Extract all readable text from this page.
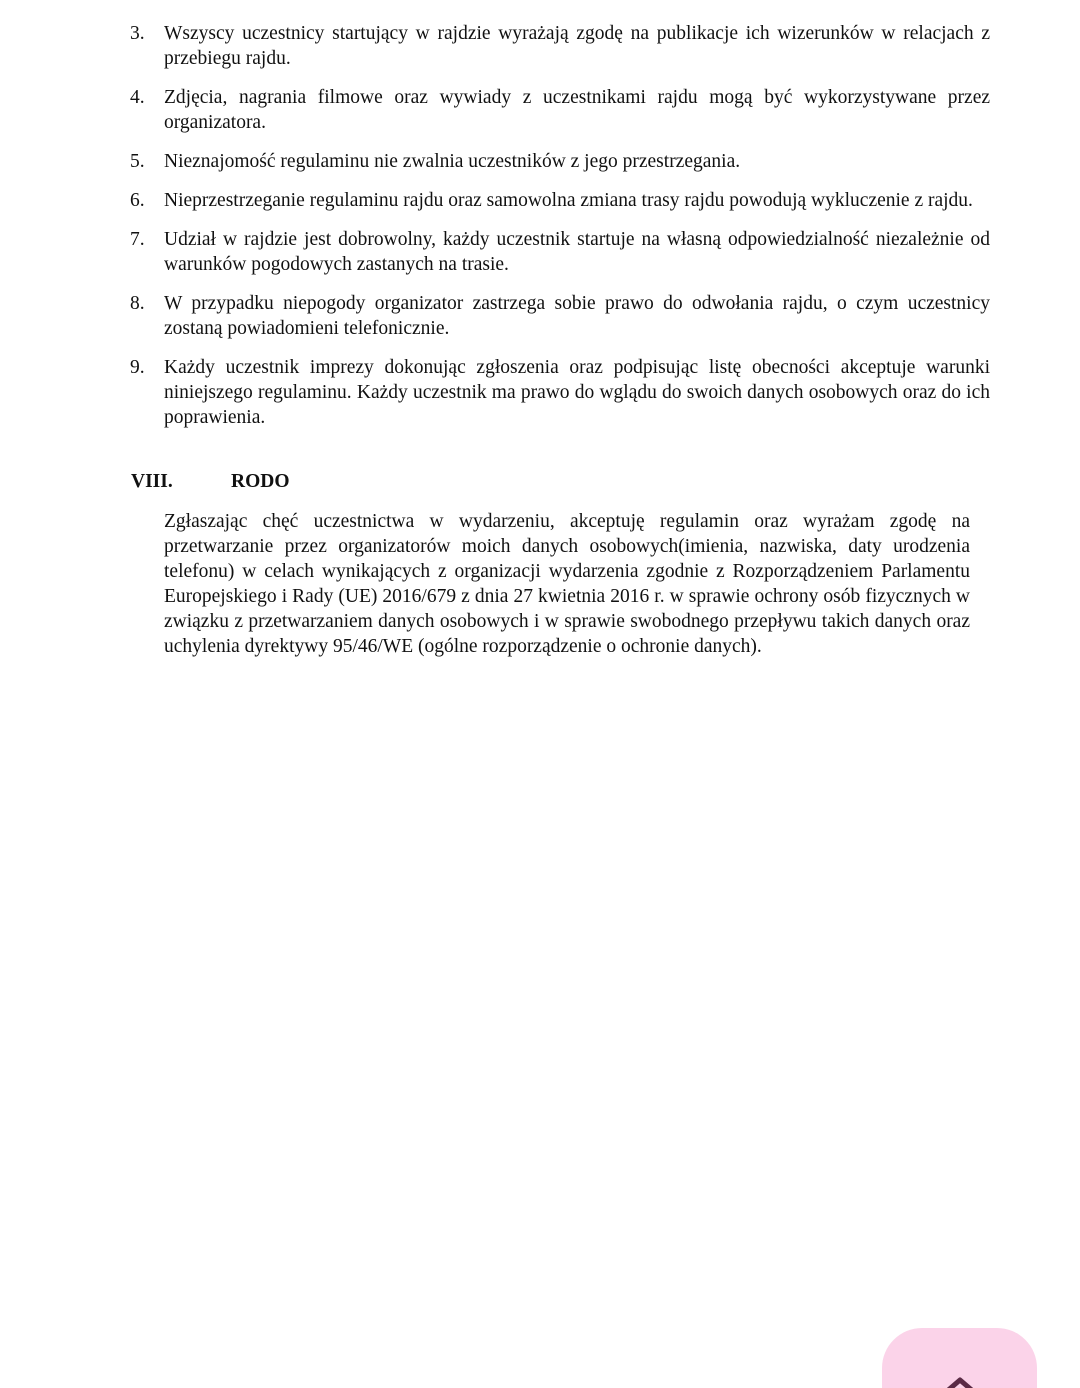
3. Wszyscy uczestnicy startujący w rajdzie wyrażają zgodę na publikacje ich wizerunków w relacjach z przebiegu rajdu.
4. Zdjęcia, nagrania filmowe oraz wywiady z uczestnikami rajdu mogą być wykorzystywane przez organizatora.
5. Nieznajomość regulaminu nie zwalnia uczestników z jego przestrzegania.
6. Nieprzestrzeganie regulaminu rajdu oraz samowolna zmiana trasy rajdu powodują wykluczenie z rajdu.
7. Udział w rajdzie jest dobrowolny, każdy uczestnik startuje na własną odpowiedzialność niezależnie od warunków pogodowych zastanych na trasie.
8. W przypadku niepogody organizator zastrzega sobie prawo do odwołania rajdu, o czym uczestnicy zostaną powiadomieni telefonicznie.
9. Każdy uczestnik imprezy dokonując zgłoszenia oraz podpisując listę obecności akceptuje warunki niniejszego regulaminu. Każdy uczestnik ma prawo do wglądu do swoich danych osobowych oraz do ich poprawienia.
VIII.	RODO

Zgłaszając chęć uczestnictwa w wydarzeniu, akceptuję regulamin oraz wyrażam zgodę na przetwarzanie przez organizatorów moich danych osobowych(imienia, nazwiska, daty urodzenia telefonu) w celach wynikających z organizacji wydarzenia zgodnie z Rozporządzeniem Parlamentu Europejskiego i Rady (UE) 2016/679 z dnia 27 kwietnia 2016 r. w sprawie ochrony osób fizycznych w związku z przetwarzaniem danych osobowych i w sprawie swobodnego przepływu takich danych oraz uchylenia dyrektywy 95/46/WE (ogólne rozporządzenie o ochronie danych).
